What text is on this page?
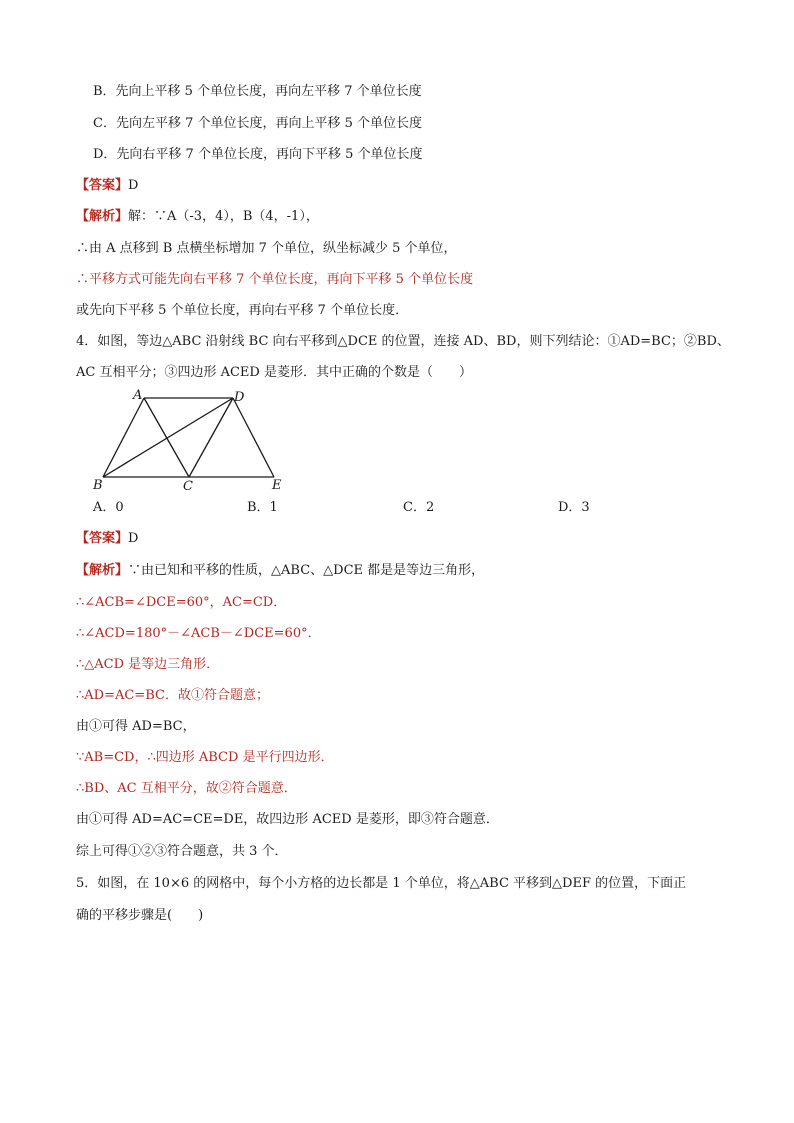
B．先向上平移 5 个单位长度，再向左平移 7 个单位长度
C．先向左平移 7 个单位长度，再向上平移 5 个单位长度
D．先向右平移 7 个单位长度，再向下平移 5 个单位长度
【答案】D
【解析】解：∵A（-3，4），B（4，-1），
∴由 A 点移到 B 点横坐标增加 7 个单位，纵坐标减少 5 个单位，
∴平移方式可能先向右平移 7 个单位长度，再向下平移 5 个单位长度
或先向下平移 5 个单位长度，再向右平移 7 个单位长度．
4．如图，等边△ABC 沿射线 BC 向右平移到△DCE 的位置，连接 AD、BD，则下列结论：①AD=BC；②BD、
AC 互相平分；③四边形 ACED 是菱形．其中正确的个数是（　　）
A	D
B	C	E
A．0	B．1	C．2	D．3
【答案】D
【解析】∵由已知和平移的性质，△ABC、△DCE 都是是等边三角形，
∴∠ACB=∠DCE=60°，AC=CD．
∴∠ACD=180°－∠ACB－∠DCE=60°．
∴△ACD 是等边三角形．
∴AD=AC=BC．故①符合题意；
由①可得 AD=BC，
∵AB=CD，∴四边形 ABCD 是平行四边形．
∴BD、AC 互相平分，故②符合题意．
由①可得 AD=AC=CE=DE，故四边形 ACED 是菱形，即③符合题意．
综上可得①②③符合题意，共 3 个．
5．如图，在 10×6 的网格中，每个小方格的边长都是 1 个单位，将△ABC 平移到△DEF 的位置，下面正
确的平移步骤是(　　)
